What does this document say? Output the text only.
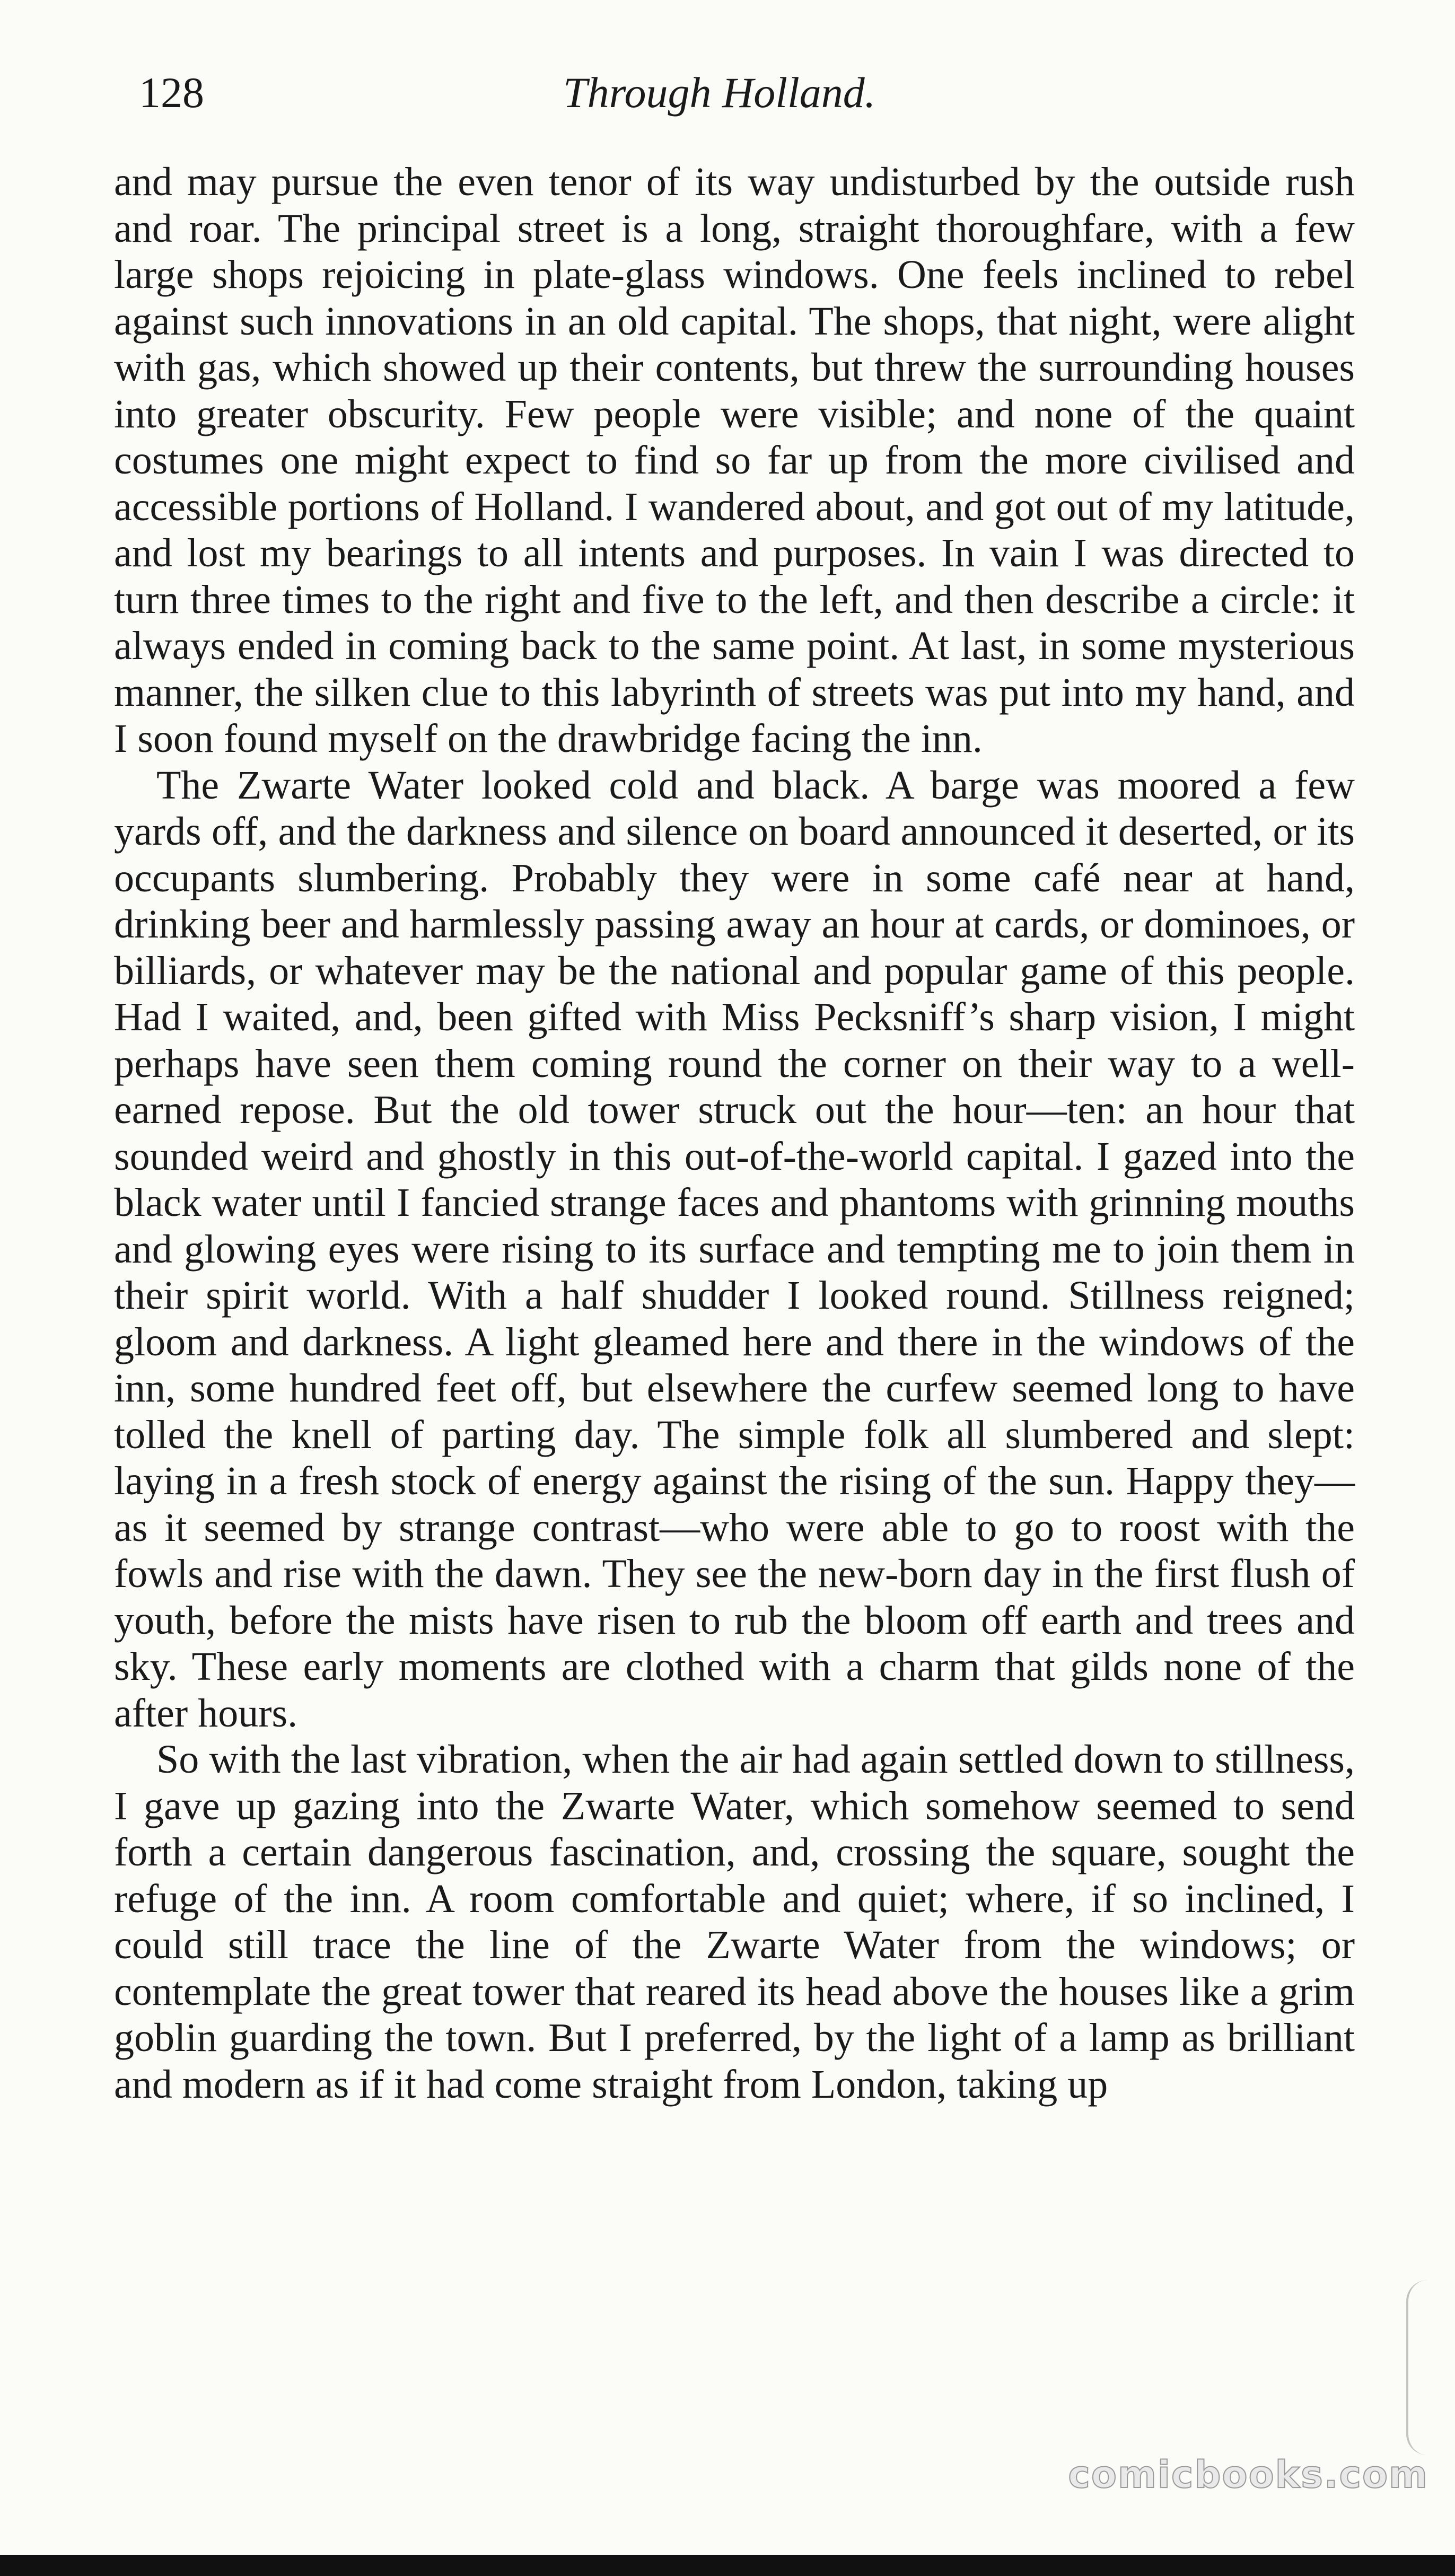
128	Through Holland.

and may pursue the even tenor of its way undisturbed by the outside rush and roar. The principal street is a long, straight thoroughfare, with a few large shops rejoicing in plate-glass windows. One feels inclined to rebel against such innovations in an old capital. The shops, that night, were alight with gas, which showed up their contents, but threw the surrounding houses into greater obscurity. Few people were visible; and none of the quaint costumes one might expect to find so far up from the more civilised and accessible portions of Holland. I wandered about, and got out of my latitude, and lost my bearings to all intents and purposes. In vain I was directed to turn three times to the right and five to the left, and then describe a circle: it always ended in coming back to the same point. At last, in some mysterious manner, the silken clue to this labyrinth of streets was put into my hand, and I soon found myself on the drawbridge facing the inn.

The Zwarte Water looked cold and black. A barge was moored a few yards off, and the darkness and silence on board announced it deserted, or its occupants slumbering. Probably they were in some café near at hand, drinking beer and harmlessly passing away an hour at cards, or dominoes, or billiards, or whatever may be the national and popular game of this people. Had I waited, and, been gifted with Miss Pecksniff’s sharp vision, I might perhaps have seen them coming round the corner on their way to a well-earned repose. But the old tower struck out the hour—ten: an hour that sounded weird and ghostly in this out-of-the-world capital. I gazed into the black water until I fancied strange faces and phantoms with grinning mouths and glowing eyes were rising to its surface and tempting me to join them in their spirit world. With a half shudder I looked round. Stillness reigned; gloom and darkness. A light gleamed here and there in the windows of the inn, some hundred feet off, but elsewhere the curfew seemed long to have tolled the knell of parting day. The simple folk all slumbered and slept: laying in a fresh stock of energy against the rising of the sun. Happy they—as it seemed by strange contrast—who were able to go to roost with the fowls and rise with the dawn. They see the new-born day in the first flush of youth, before the mists have risen to rub the bloom off earth and trees and sky. These early moments are clothed with a charm that gilds none of the after hours.

So with the last vibration, when the air had again settled down to stillness, I gave up gazing into the Zwarte Water, which somehow seemed to send forth a certain dangerous fascination, and, crossing the square, sought the refuge of the inn. A room comfortable and quiet; where, if so inclined, I could still trace the line of the Zwarte Water from the windows; or contemplate the great tower that reared its head above the houses like a grim goblin guarding the town. But I preferred, by the light of a lamp as brilliant and modern as if it had come straight from London, taking up

comicbooks.com
